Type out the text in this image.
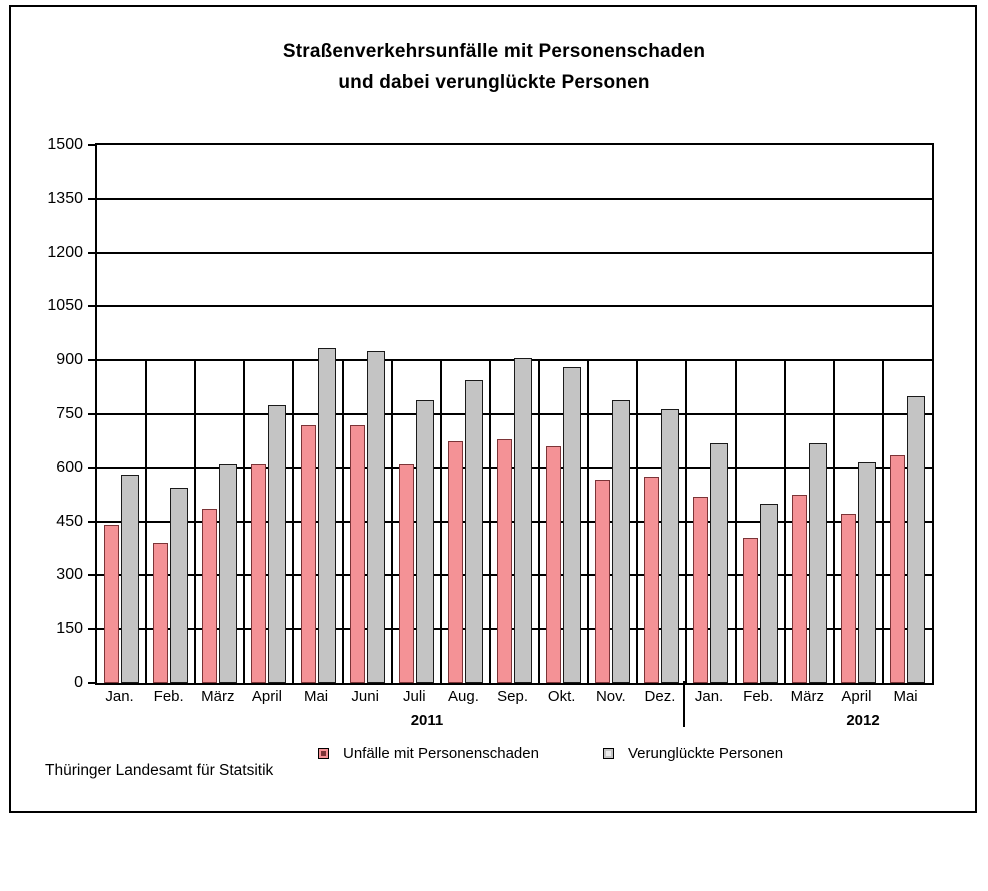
Straßenverkehrsunfälle mit Personenschaden
und dabei verunglückte Personen
0
150
300
450
600
750
900
1050
1200
1350
1500
Jan.	Feb.	März	April	Mai	Juni	Juli	Aug.	Sep.	Okt.	Nov.	Dez.	Jan.	Feb.	März	April	Mai
2011	2012
Unfälle mit Personenschaden	Verunglückte Personen
Thüringer Landesamt für Statsitik
